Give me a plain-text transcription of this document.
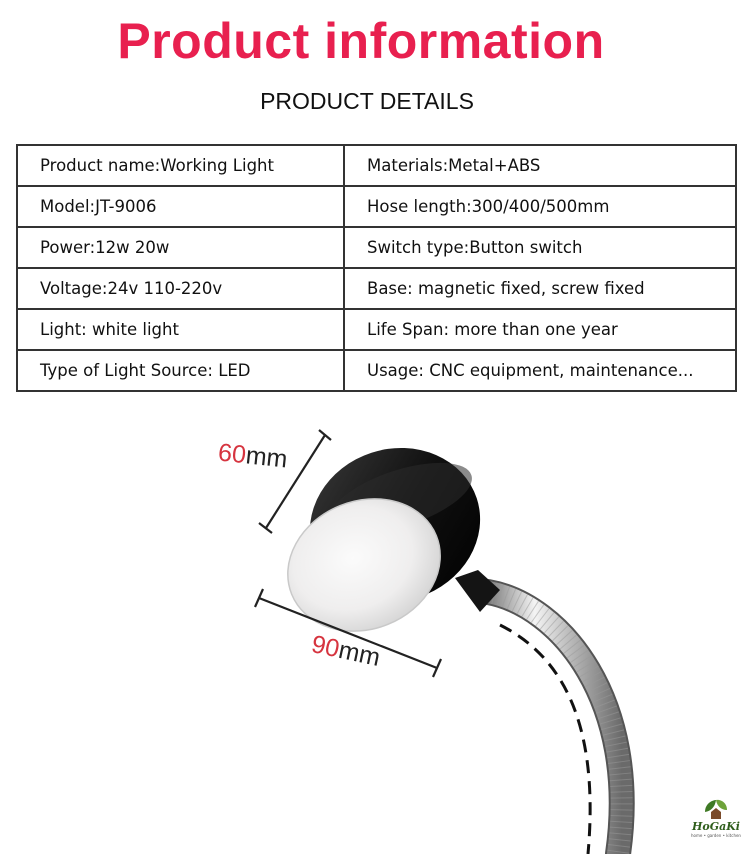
Product information
PRODUCT DETAILS
Product name:Working Light	Materials:Metal+ABS
Model:JT-9006	Hose length:300/400/500mm
Power:12w 20w	Switch type:Button switch
Voltage:24v 110-220v	Base: magnetic fixed, screw fixed
Light: white light	Life Span: more than one year
Type of Light Source: LED	Usage: CNC equipment, maintenance...
60mm
90mm
HoGaKi
home • garden • kitchen
